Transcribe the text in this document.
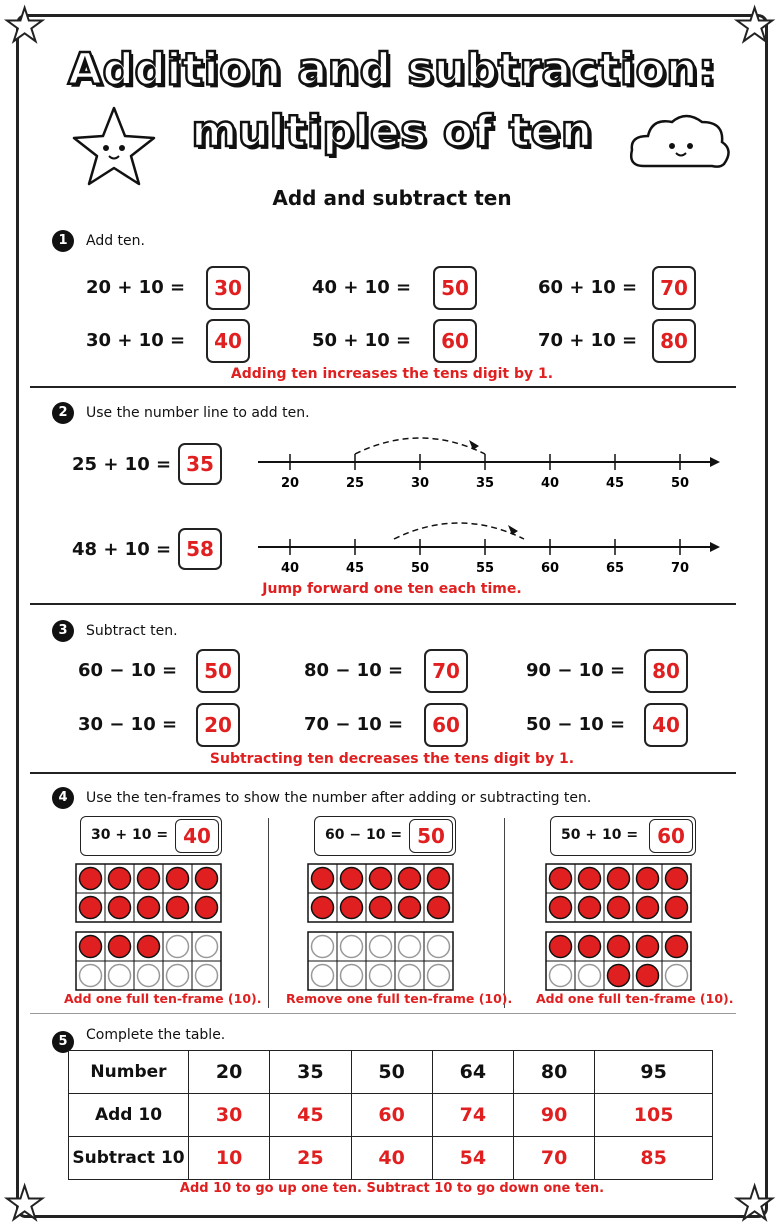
★	★
★	★
Addition and subtraction:
multiples of ten
Add and subtract ten
1	Add ten.
20 + 10 =	30	40 + 10 =	50	60 + 10 =	70
30 + 10 =	40	50 + 10 =	60	70 + 10 =	80
Adding ten increases the tens digit by 1.
2	Use the number line to add ten.
25 + 10 = 35
20	25	30	35	40	45	50
48 + 10 = 58
40	45	50	55	60	65	70
Jump forward one ten each time.
3	Subtract ten.
60 − 10 =	50	80 − 10 =	70	90 − 10 =	80
30 − 10 =	20	70 − 10 =	60	50 − 10 =	40
Subtracting ten decreases the tens digit by 1.
4	Use the ten-frames to show the number after adding or subtracting ten.
30 + 10 = 40	60 − 10 = 50	50 + 10 = 60
Add one full ten-frame (10). Remove one full ten-frame (10). Add one full ten-frame (10).
5	Complete the table.
Number	20	35	50	64	80	95
Add 10	30	45	60	74	90	105
Subtract 10	10	25	40	54	70	85
Add 10 to go up one ten. Subtract 10 to go down one ten.
